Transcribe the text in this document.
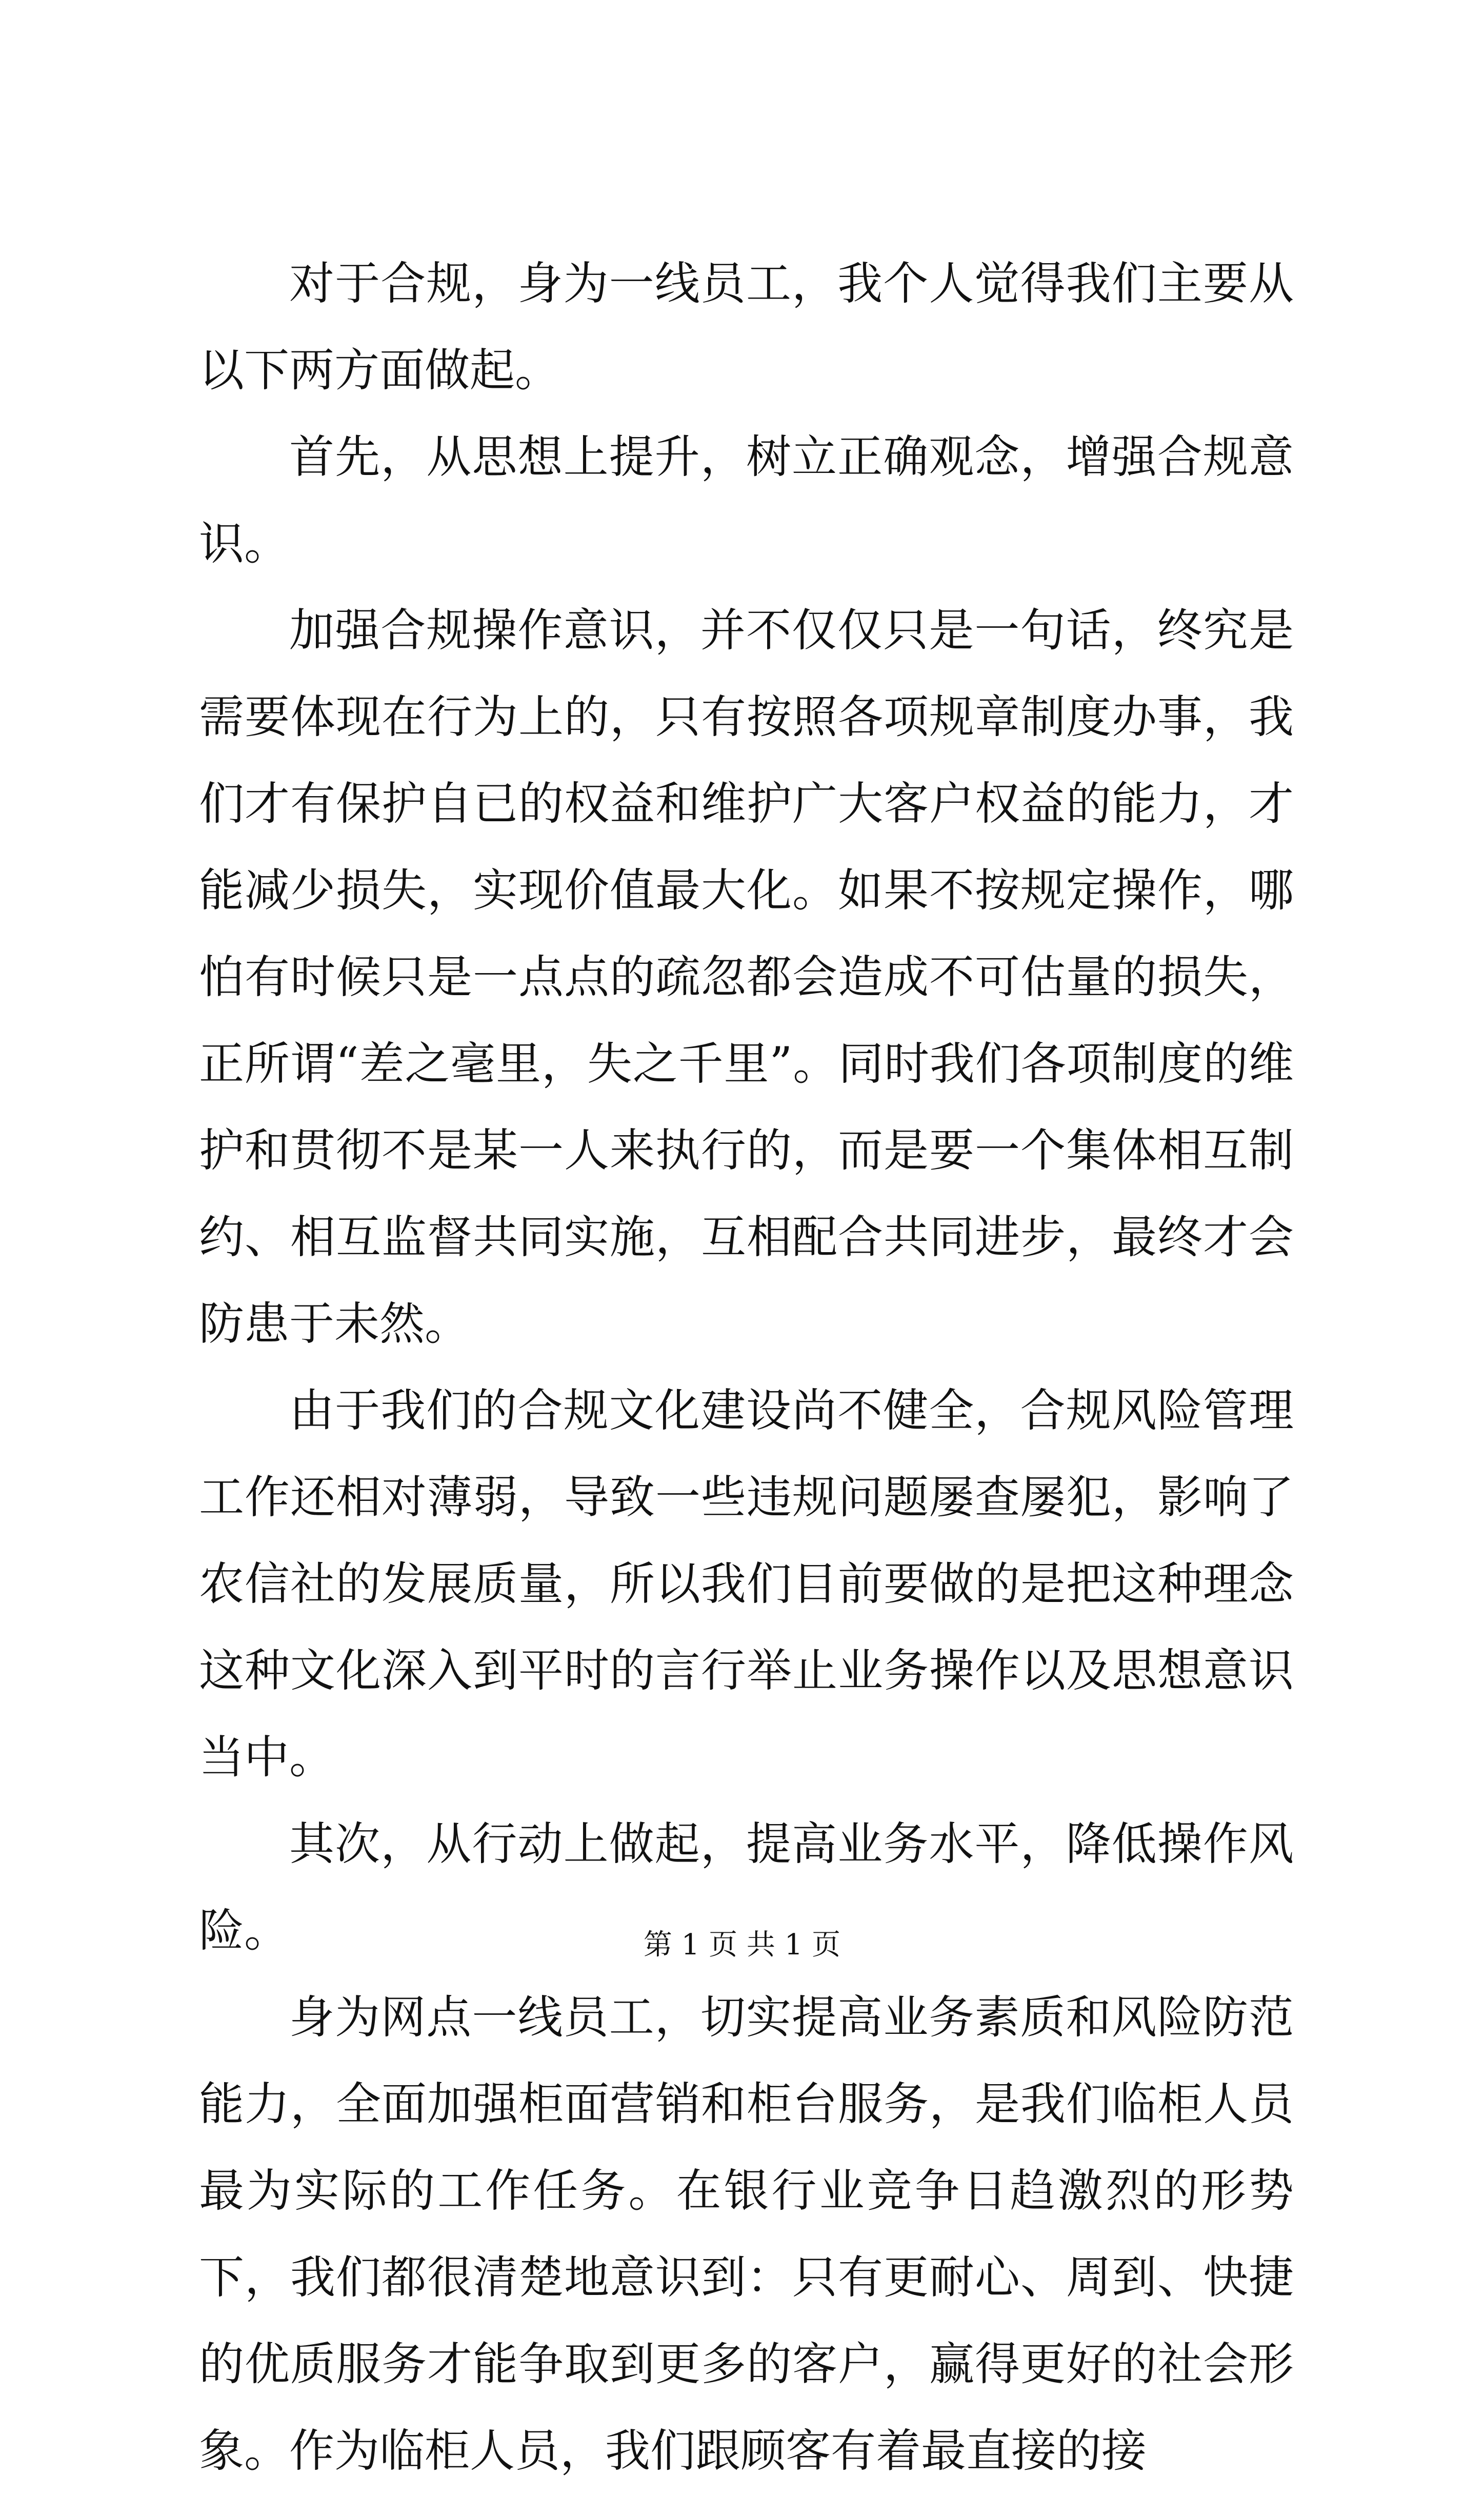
对于合规，身为一线员工，我个人觉得我们主要从以下两方面做起。

首先，从思想上提升，树立正确观念，增强合规意识。

加强合规操作意识，并不仅仅只是一句话，终究是需要体现在行为上的，只有按照各项规章制度办事，我们才有保护自已的权益和维护广大客户权益的能力，才能减少损失，实现价值最大化。如果不按规定操作，哪怕有时候只是一点点的疏忽都会造成不可估量的损失，正所谓“差之毫里，失之千里”。同时我们各项制度的维护和贯彻不是某一人来执行的，而是要一个集体相互制约、相互监督共同实施，互相配合共同进步，最终才会防患于未然。

由于我们的合规文化建设尚不健全，合规风险管理工作还相对薄弱，导致一些违规问题屡查屡犯，影响了农信社的发展质量，所以我们目前要做的是把这种理念这种文化深入到平时的言行举止业务操作以及思想意识当中。

其次，从行动上做起，提高业务水平，降低操作风险。

身为网点一线员工，切实提高业务素质和风险防范能力，全面加强柜面营销和柜台服务，是我们临柜人员最为实际的工作任务。在银行业竞争日趋激烈的形势下，我们都很清楚地意识到：只有更耐心、周到、快捷的优质服务才能争取到更多的客户，赢得更好的社会形象。作为临柜人员，我们跟顾客有着最直接的接

第 1 页 共 1 页
